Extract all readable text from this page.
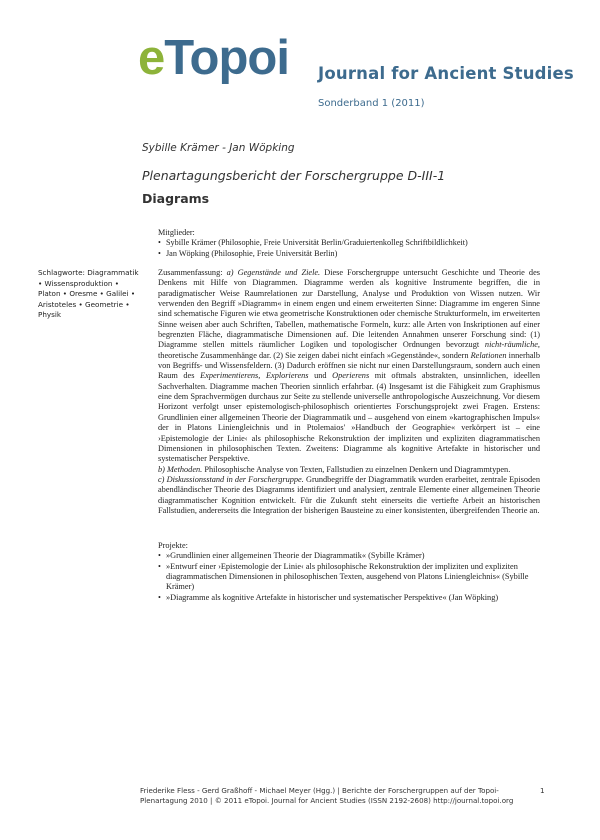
eTopoi Journal for Ancient Studies
Sonderband 1 (2011)
Sybille Krämer - Jan Wöpking
Plenartagungsbericht der Forschergruppe D-III-1
Diagrams
Mitglieder:
• Sybille Krämer (Philosophie, Freie Universität Berlin/Graduiertenkolleg Schriftbildlichkeit)
• Jan Wöpking (Philosophie, Freie Universität Berlin)
Schlagworte: Diagrammatik • Wissensproduktion • Platon • Oresme • Galilei • Aristoteles • Geometrie • Physik

Zusammenfassung: a) Gegenstände und Ziele. Diese Forschergruppe untersucht Geschichte und Theorie des Denkens mit Hilfe von Diagrammen. Diagramme werden als kognitive Instrumente begriffen, die in paradigmatischer Weise Raumrelationen zur Darstellung, Analyse und Produktion von Wissen nutzen. Wir verwenden den Begriff »Diagramm« in einem engen und einem erweiterten Sinne: Diagramme im engeren Sinne sind schematische Figuren wie etwa geometrische Konstruktionen oder chemische Strukturformeln, im erweiterten Sinne weisen aber auch Schriften, Tabellen, mathematische Formeln, kurz: alle Arten von Inskriptionen auf einer begrenzten Fläche, diagrammatische Dimensionen auf. Die leitenden Annahmen unserer Forschung sind: (1) Diagramme stellen mittels räumlicher Logiken und topologischer Ordnungen bevorzugt nicht-räumliche, theoretische Zusammenhänge dar. (2) Sie zeigen dabei nicht einfach »Gegenstände«, sondern Relationen innerhalb von Begriffs- und Wissensfeldern. (3) Dadurch eröffnen sie nicht nur einen Darstellungsraum, sondern auch einen Raum des Experimentierens, Explorierens und Operierens mit oftmals abstrakten, unsinnlichen, ideellen Sachverhalten. Diagramme machen Theorien sinnlich erfahrbar. (4) Insgesamt ist die Fähigkeit zum Graphismus eine dem Sprachvermögen durchaus zur Seite zu stellende universelle anthropologische Auszeichnung. Vor diesem Horizont verfolgt unser epistemologisch-philosophisch orientiertes Forschungsprojekt zwei Fragen. Erstens: Grundlinien einer allgemeinen Theorie der Diagrammatik und – ausgehend von einem »kartographischen Impuls« der in Platons Liniengleichnis und in Ptolemaios' »Handbuch der Geographie« verkörpert ist – eine ›Epistemologie der Linie‹ als philosophische Rekonstruktion der impliziten und expliziten diagrammatischen Dimensionen in philosophischen Texten. Zweitens: Diagramme als kognitive Artefakte in historischer und systematischer Perspektive.

b) Methoden. Philosophische Analyse von Texten, Fallstudien zu einzelnen Denkern und Diagrammtypen.

c) Diskussionsstand in der Forschergruppe. Grundbegriffe der Diagrammatik wurden erarbeitet, zentrale Episoden abendländischer Theorie des Diagramms identifiziert und analysiert, zentrale Elemente einer allgemeinen Theorie diagrammatischer Kognition entwickelt. Für die Zukunft steht einerseits die vertiefte Arbeit an historischen Fallstudien, andererseits die Integration der bisherigen Bausteine zu einer konsistenten, übergreifenden Theorie an.

Projekte:
• »Grundlinien einer allgemeinen Theorie der Diagrammatik« (Sybille Krämer)
• »Entwurf einer ›Epistemologie der Linie‹ als philosophische Rekonstruktion der impliziten und expliziten diagrammatischen Dimensionen in philosophischen Texten, ausgehend von Platons Liniengleichnis« (Sybille Krämer)
• »Diagramme als kognitive Artefakte in historischer und systematischer Perspektive« (Jan Wöpking)
Friederike Fless - Gerd Graßhoff - Michael Meyer (Hgg.) | Berichte der Forschergruppen auf der Topoi-
Plenartagung 2010 | © 2011 eTopoi. Journal for Ancient Studies (ISSN 2192-2608) http://journal.topoi.org
1
